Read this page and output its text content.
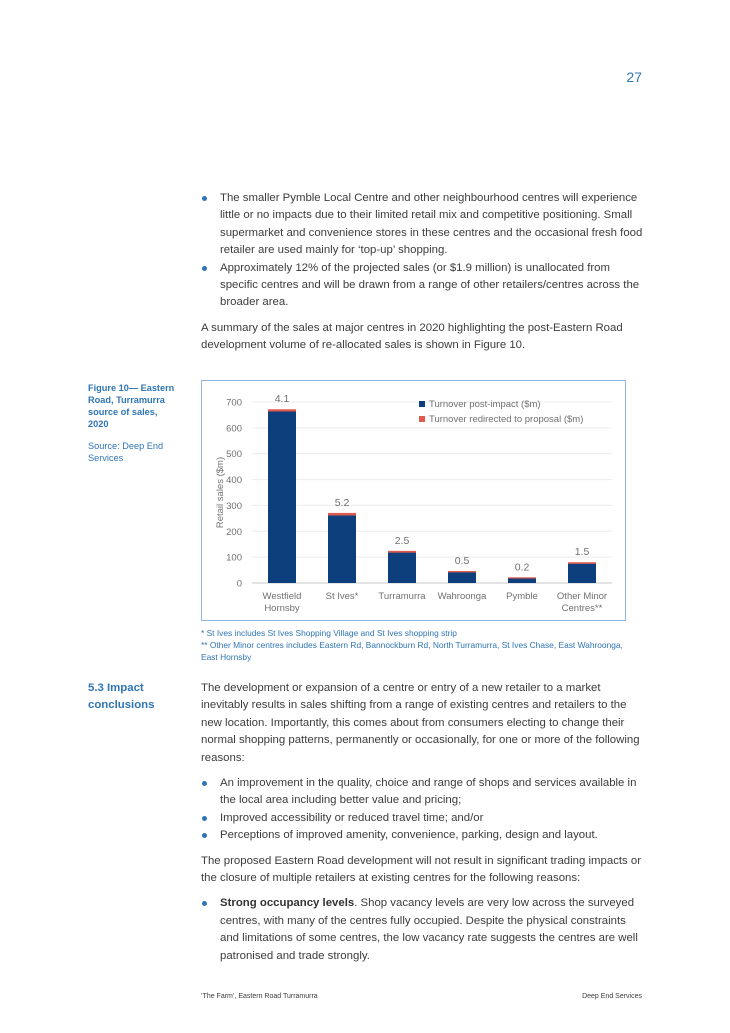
27
The smaller Pymble Local Centre and other neighbourhood centres will experience little or no impacts due to their limited retail mix and competitive positioning. Small supermarket and convenience stores in these centres and the occasional fresh food retailer are used mainly for ‘top-up’ shopping.
Approximately 12% of the projected sales (or $1.9 million) is unallocated from specific centres and will be drawn from a range of other retailers/centres across the broader area.

A summary of the sales at major centres in 2020 highlighting the post-Eastern Road development volume of re-allocated sales is shown in Figure 10.

Figure 10— Eastern Road, Turramurra source of sales, 2020
Source: Deep End Services
0
100
200
300
400
500
600
700
Retail sales ($m)
4.1
Westfield
Hornsby
5.2
St Ives*
2.5
Turramurra
0.5
Wahroonga
0.2
Pymble
1.5
Other Minor
Centres**
Turnover post-impact ($m)
Turnover redirected to proposal ($m)
* St Ives includes St Ives Shopping Village and St Ives shopping strip
** Other Minor centres includes Eastern Rd, Bannockburn Rd, North Turramurra, St Ives Chase, East Wahroonga, East Hornsby
5.3 Impact conclusions

The development or expansion of a centre or entry of a new retailer to a market inevitably results in sales shifting from a range of existing centres and retailers to the new location. Importantly, this comes about from consumers electing to change their normal shopping patterns, permanently or occasionally, for one or more of the following reasons:

An improvement in the quality, choice and range of shops and services available in the local area including better value and pricing;
Improved accessibility or reduced travel time; and/or
Perceptions of improved amenity, convenience, parking, design and layout.

The proposed Eastern Road development will not result in significant trading impacts or the closure of multiple retailers at existing centres for the following reasons:

Strong occupancy levels. Shop vacancy levels are very low across the surveyed centres, with many of the centres fully occupied. Despite the physical constraints and limitations of some centres, the low vacancy rate suggests the centres are well patronised and trade strongly.
‘The Farm’, Eastern Road Turramurra	Deep End Services
